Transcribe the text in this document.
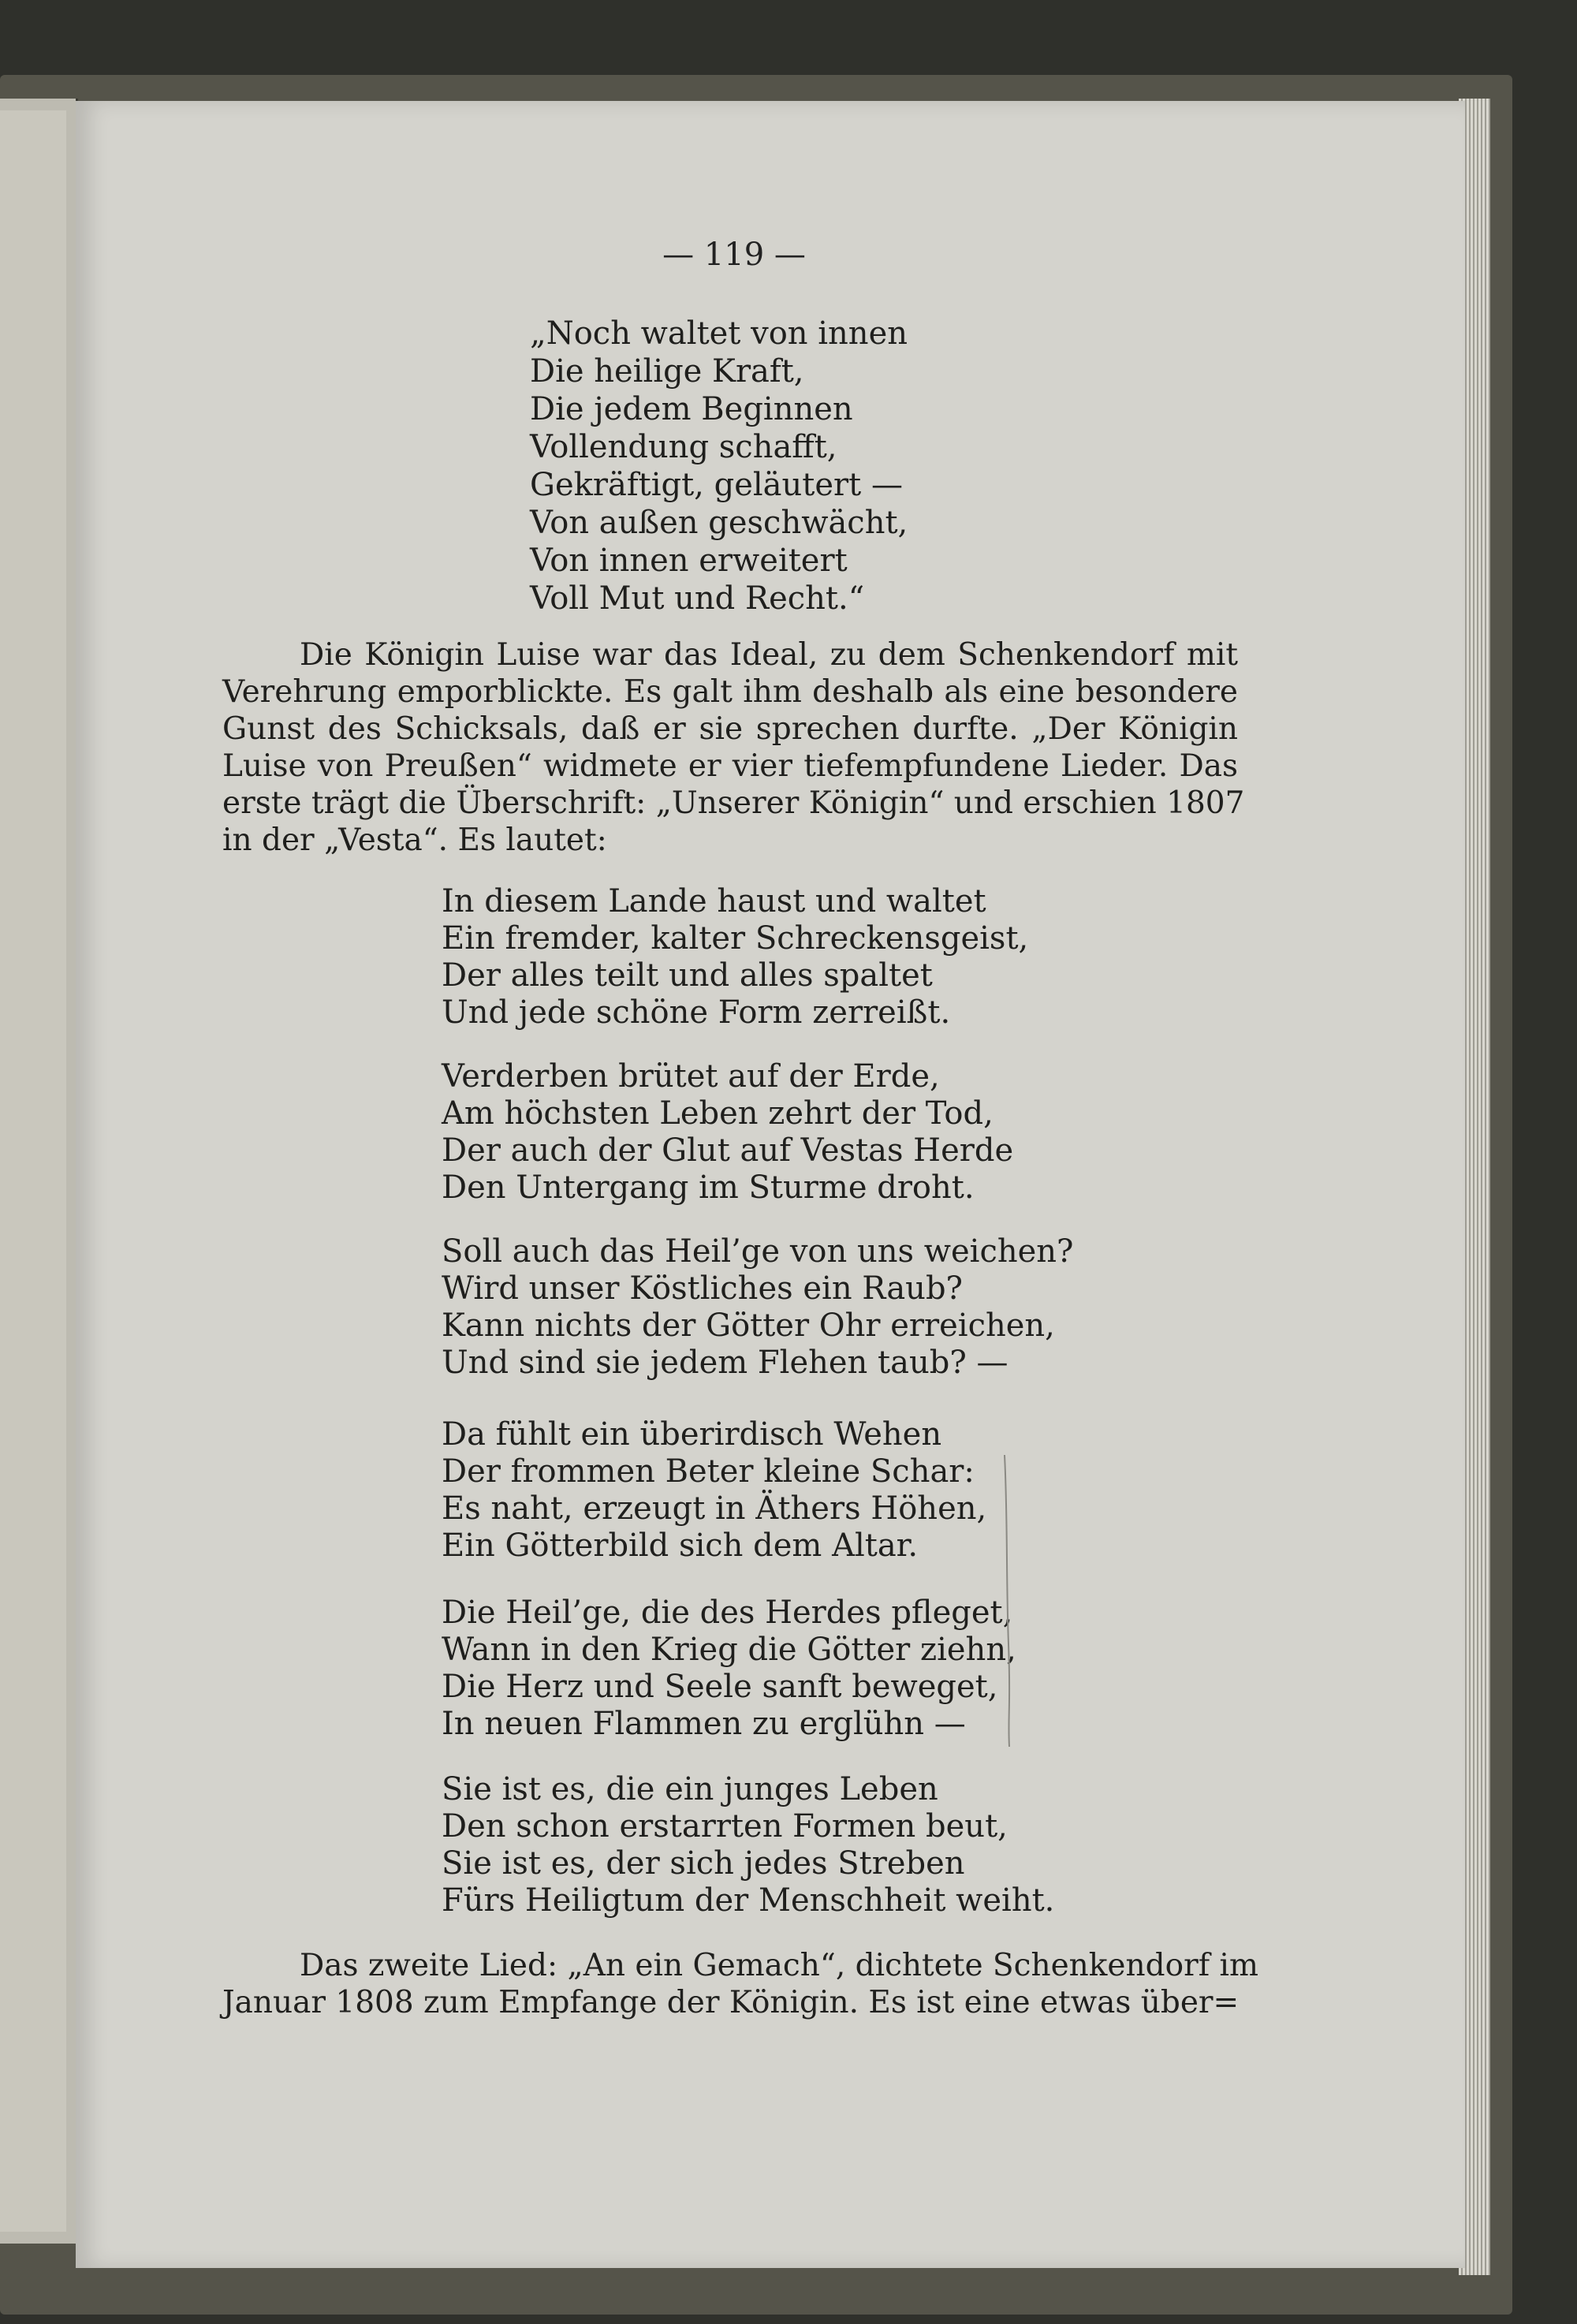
— 119 —
„Noch waltet von innen
Die heilige Kraft,
Die jedem Beginnen
Vollendung schafft,
Gekräftigt, geläutert —
Von außen geschwächt,
Von innen erweitert
Voll Mut und Recht.“
Die Königin Luise war das Ideal, zu dem Schenkendorf mit
Verehrung emporblickte. Es galt ihm deshalb als eine besondere
Gunst des Schicksals, daß er sie sprechen durfte. „Der Königin
Luise von Preußen“ widmete er vier tiefempfundene Lieder. Das
erste trägt die Überschrift: „Unserer Königin“ und erschien 1807
in der „Vesta“. Es lautet:
In diesem Lande haust und waltet
Ein fremder, kalter Schreckensgeist,
Der alles teilt und alles spaltet
Und jede schöne Form zerreißt.
Verderben brütet auf der Erde,
Am höchsten Leben zehrt der Tod,
Der auch der Glut auf Vestas Herde
Den Untergang im Sturme droht.
Soll auch das Heil’ge von uns weichen?
Wird unser Köstliches ein Raub?
Kann nichts der Götter Ohr erreichen,
Und sind sie jedem Flehen taub? —
Da fühlt ein überirdisch Wehen
Der frommen Beter kleine Schar:
Es naht, erzeugt in Äthers Höhen,
Ein Götterbild sich dem Altar.
Die Heil’ge, die des Herdes pfleget,
Wann in den Krieg die Götter ziehn,
Die Herz und Seele sanft beweget,
In neuen Flammen zu erglühn —
Sie ist es, die ein junges Leben
Den schon erstarrten Formen beut,
Sie ist es, der sich jedes Streben
Fürs Heiligtum der Menschheit weiht.
Das zweite Lied: „An ein Gemach“, dichtete Schenkendorf im
Januar 1808 zum Empfange der Königin. Es ist eine etwas über=
